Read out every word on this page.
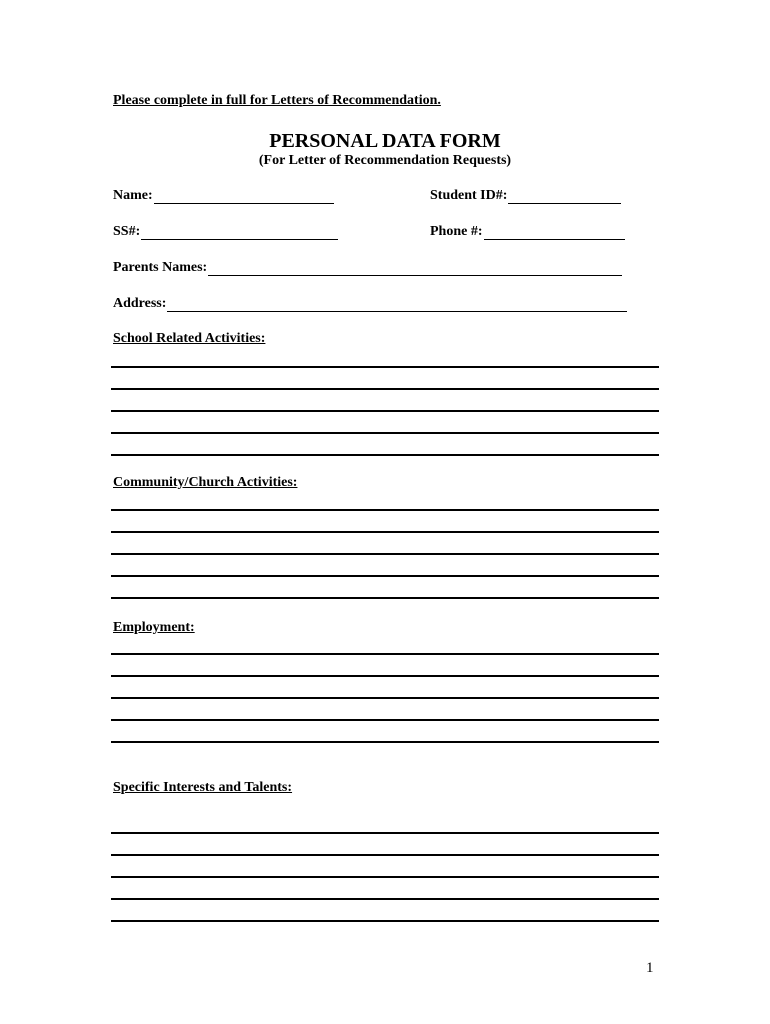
Please complete in full for Letters of Recommendation.
PERSONAL DATA FORM
(For Letter of Recommendation Requests)
Name:	Student ID#:
SS#:	Phone #:
Parents Names:
Address:
School Related Activities:
Community/Church Activities:
Employment:
Specific Interests and Talents:
1
